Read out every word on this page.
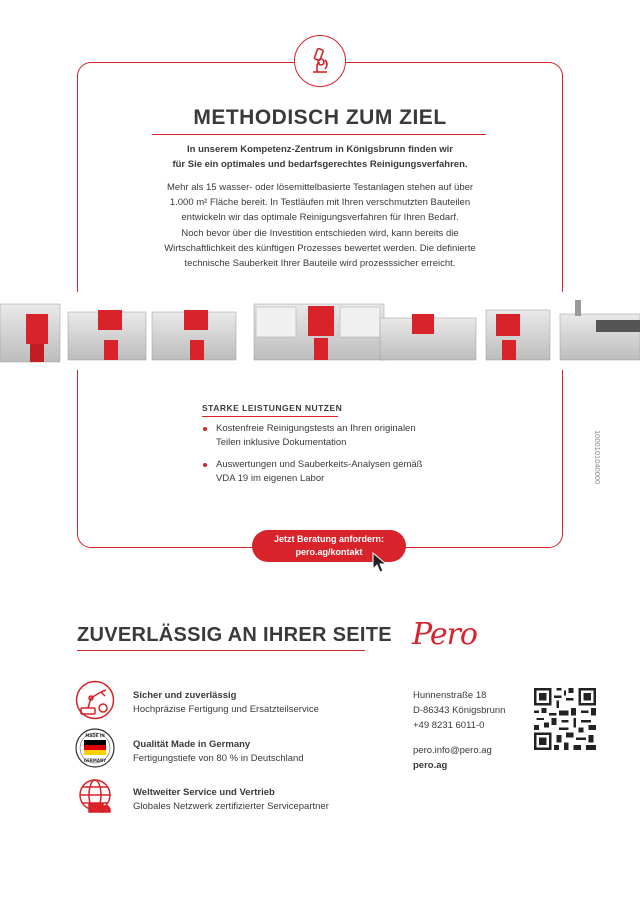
METHODISCH ZUM ZIEL
In unserem Kompetenz-Zentrum in Königsbrunn finden wir
für Sie ein optimales und bedarfsgerechtes Reinigungsverfahren.
Mehr als 15 wasser- oder lösemittelbasierte Testanlagen stehen auf über
1.000 m² Fläche bereit. In Testläufen mit Ihren verschmutzten Bauteilen
entwickeln wir das optimale Reinigungsverfahren für Ihren Bedarf.
Noch bevor über die Investition entschieden wird, kann bereits die
Wirtschaftlichkeit des künftigen Prozesses bewertet werden. Die definierte
technische Sauberkeit Ihrer Bauteile wird prozesssicher erreicht.
STARKE LEISTUNGEN NUTZEN
Kostenfreie Reinigungstests an Ihren originalen
Teilen inklusive Dokumentation
Auswertungen und Sauberkeits-Analysen gemäß
VDA 19 im eigenen Labor	1000101040000
Jetzt Beratung anfordern:
pero.ag/kontakt
ZUVERLÄSSIG AN IHRER SEITE Pero
Sicher und zuverlässig
Hochpräzise Fertigung und Ersatzteilservice
MADE IN
GERMANY
Qualität Made in Germany
Fertigungstiefe von 80 % in Deutschland
Weltweiter Service und Vertrieb
Globales Netzwerk zertifizierter Servicepartner
Hunnenstraße 18
D-86343 Königsbrunn
+49 8231 6011-0
pero.info@pero.ag
pero.ag
